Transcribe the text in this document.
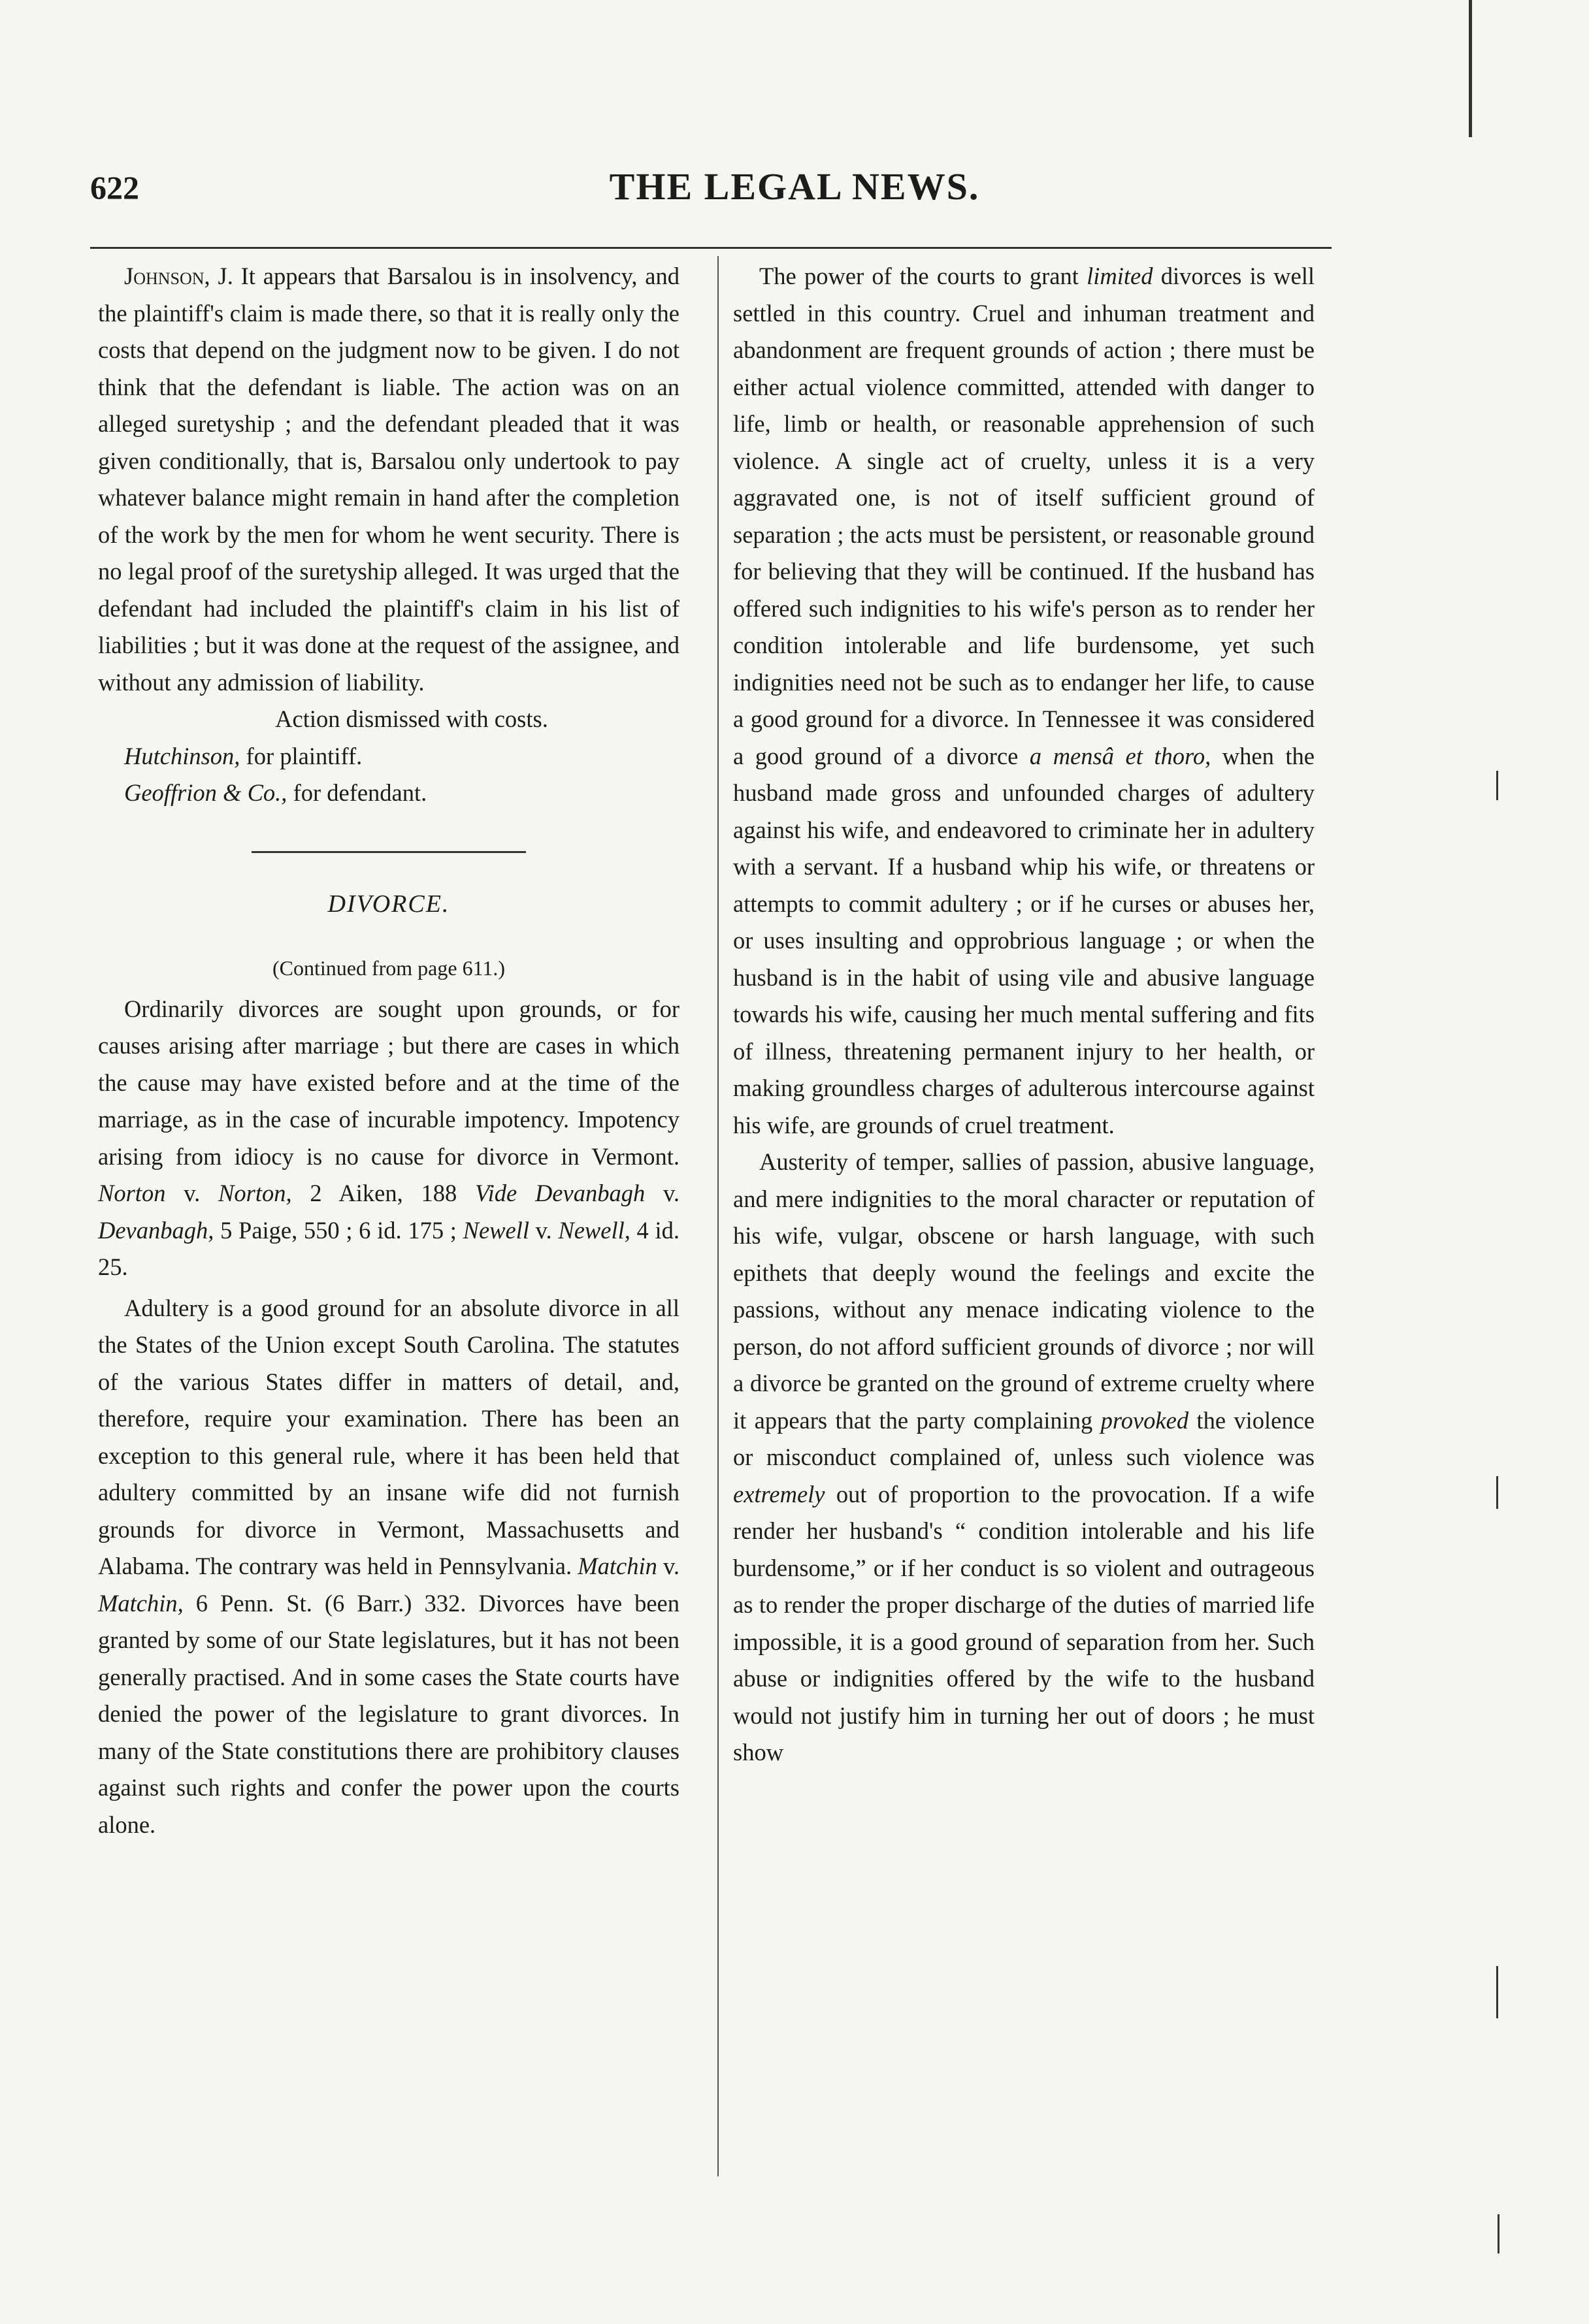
622	THE LEGAL NEWS.

Johnson, J. It appears that Barsalou is in insolvency, and the plaintiff's claim is made there, so that it is really only the costs that depend on the judgment now to be given. I do not think that the defendant is liable. The action was on an alleged suretyship ; and the defendant pleaded that it was given conditionally, that is, Barsalou only undertook to pay whatever balance might remain in hand after the completion of the work by the men for whom he went security. There is no legal proof of the suretyship alleged. It was urged that the defendant had included the plaintiff's claim in his list of liabilities ; but it was done at the request of the assignee, and without any admission of liability.

Action dismissed with costs.

Hutchinson, for plaintiff.

Geoffrion & Co., for defendant.

DIVORCE.
(Continued from page 611.)

Ordinarily divorces are sought upon grounds, or for causes arising after marriage ; but there are cases in which the cause may have existed before and at the time of the marriage, as in the case of incurable impotency. Impotency arising from idiocy is no cause for divorce in Vermont. Norton v. Norton, 2 Aiken, 188 Vide Devanbagh v. Devanbagh, 5 Paige, 550 ; 6 id. 175 ; Newell v. Newell, 4 id. 25.

Adultery is a good ground for an absolute divorce in all the States of the Union except South Carolina. The statutes of the various States differ in matters of detail, and, therefore, require your examination. There has been an exception to this general rule, where it has been held that adultery committed by an insane wife did not furnish grounds for divorce in Vermont, Massachusetts and Alabama. The contrary was held in Pennsylvania. Matchin v. Matchin, 6 Penn. St. (6 Barr.) 332. Divorces have been granted by some of our State legislatures, but it has not been generally practised. And in some cases the State courts have denied the power of the legislature to grant divorces. In many of the State constitutions there are prohibitory clauses against such rights and confer the power upon the courts alone.

The power of the courts to grant limited divorces is well settled in this country. Cruel and inhuman treatment and abandonment are frequent grounds of action ; there must be either actual violence committed, attended with danger to life, limb or health, or reasonable apprehension of such violence. A single act of cruelty, unless it is a very aggravated one, is not of itself sufficient ground of separation ; the acts must be persistent, or reasonable ground for believing that they will be continued. If the husband has offered such indignities to his wife's person as to render her condition intolerable and life burdensome, yet such indignities need not be such as to endanger her life, to cause a good ground for a divorce. In Tennessee it was considered a good ground of a divorce a mensâ et thoro, when the husband made gross and unfounded charges of adultery against his wife, and endeavored to criminate her in adultery with a servant. If a husband whip his wife, or threatens or attempts to commit adultery ; or if he curses or abuses her, or uses insulting and opprobrious language ; or when the husband is in the habit of using vile and abusive language towards his wife, causing her much mental suffering and fits of illness, threatening permanent injury to her health, or making groundless charges of adulterous intercourse against his wife, are grounds of cruel treatment.

Austerity of temper, sallies of passion, abusive language, and mere indignities to the moral character or reputation of his wife, vulgar, obscene or harsh language, with such epithets that deeply wound the feelings and excite the passions, without any menace indicating violence to the person, do not afford sufficient grounds of divorce ; nor will a divorce be granted on the ground of extreme cruelty where it appears that the party complaining provoked the violence or misconduct complained of, unless such violence was extremely out of proportion to the provocation. If a wife render her husband's “ condition intolerable and his life burdensome,” or if her conduct is so violent and outrageous as to render the proper discharge of the duties of married life impossible, it is a good ground of separation from her. Such abuse or indignities offered by the wife to the husband would not justify him in turning her out of doors ; he must show
